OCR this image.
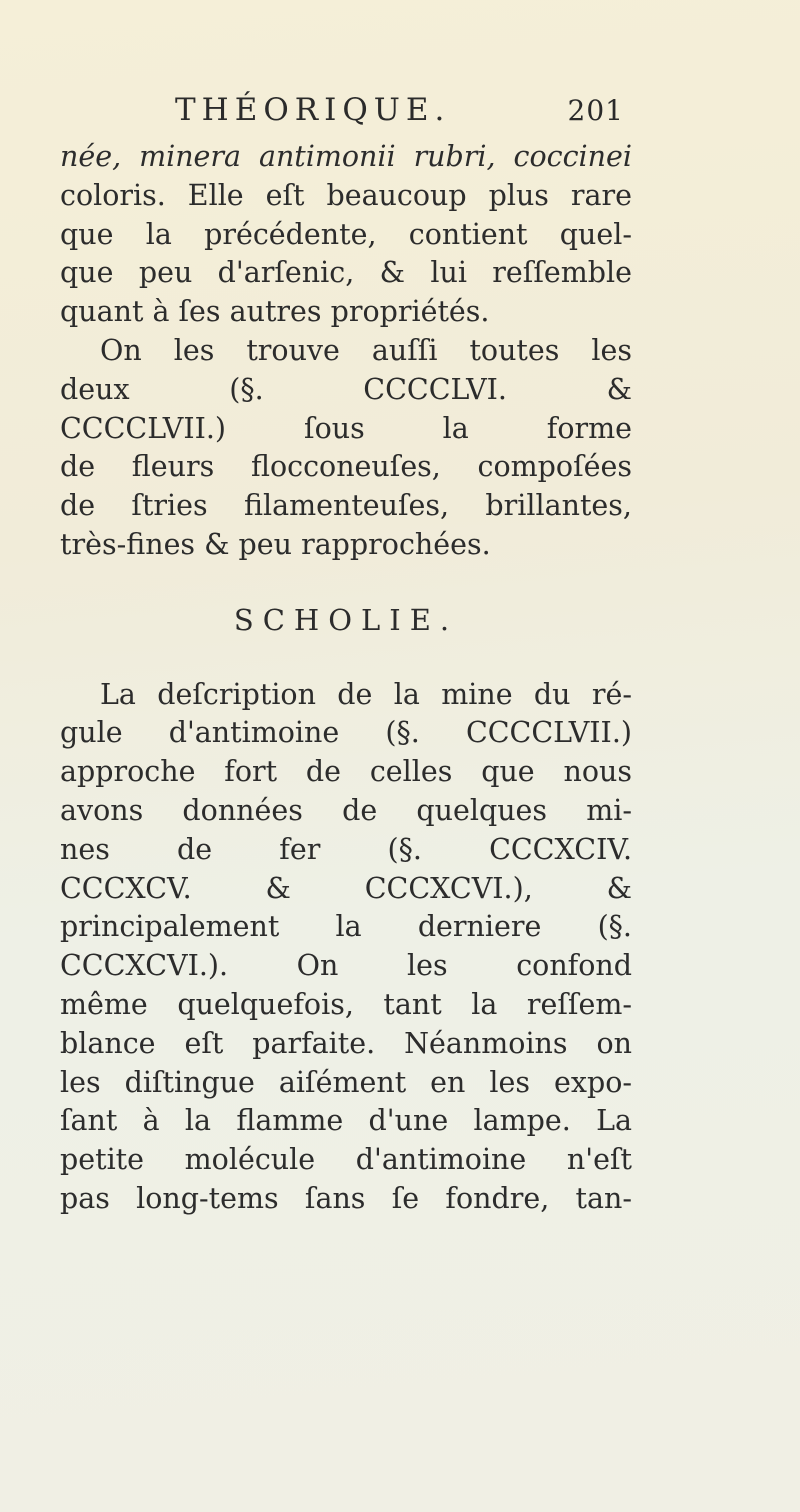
THÉORIQUE.	201
née, minera antimonii rubri, coccinei
coloris. Elle eſt beaucoup plus rare
que la précédente, contient quel-
que peu d'arſenic, & lui reſſemble
quant à ſes autres propriétés.
On les trouve auſſi toutes les
deux (§. CCCCLVI. &
CCCCLVII.) ſous la forme
de fleurs flocconeuſes, compoſées
de ſtries filamenteuſes, brillantes,
très-fines & peu rapprochées.
SCHOLIE.
La deſcription de la mine du ré-
gule d'antimoine (§. CCCCLVII.)
approche fort de celles que nous
avons données de quelques mi-
nes de fer (§. CCCXCIV.
CCCXCV. & CCCXCVI.), &
principalement la derniere (§.
CCCXCVI.). On les confond
même quelquefois, tant la reſſem-
blance eſt parfaite. Néanmoins on
les diſtingue aiſément en les expo-
ſant à la flamme d'une lampe. La
petite molécule d'antimoine n'eſt
pas long-tems ſans ſe fondre, tan-
